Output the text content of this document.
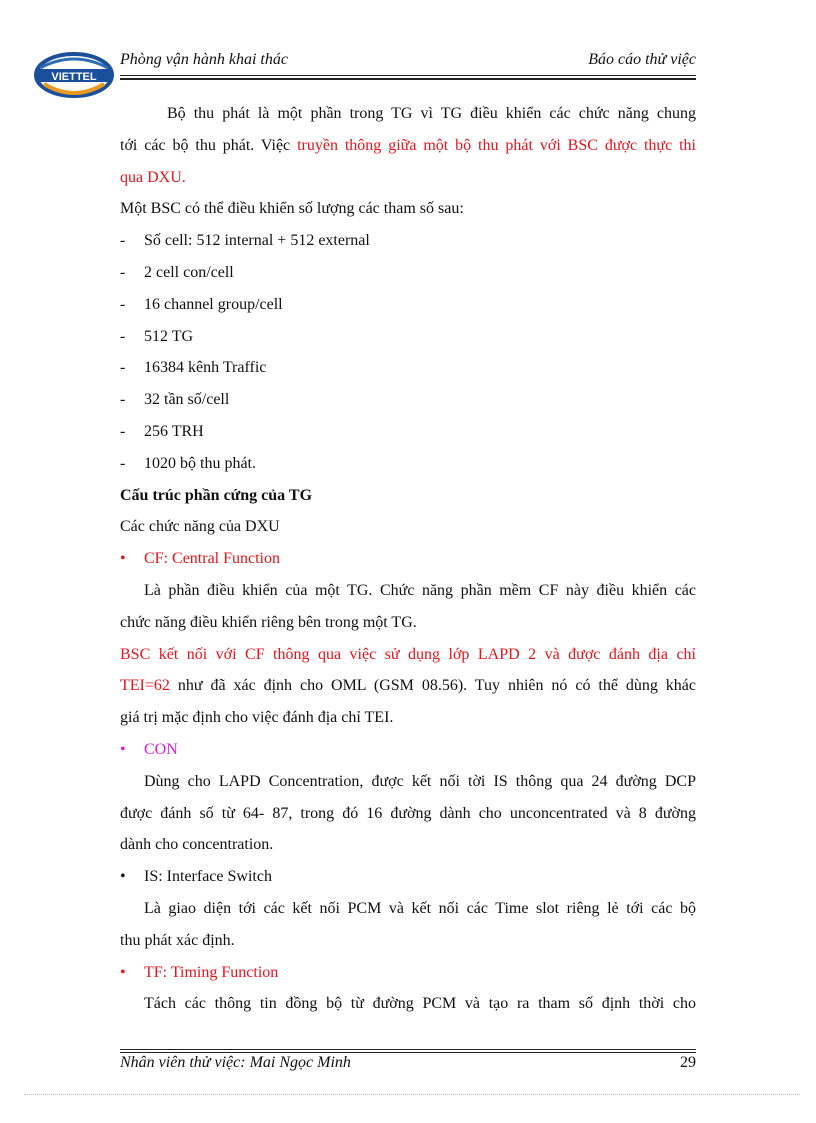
VIETTEL
Phòng vận hành khai thác	Báo cáo thử việc

Bộ thu phát là một phần trong TG vì TG điều khiển các chức năng chung

tới các bộ thu phát. Việc truyền thông giữa một bộ thu phát với BSC được thực thi

qua DXU.

Một BSC có thể điều khiển số lượng các tham số sau:

- Số cell: 512 internal + 512 external

- 2 cell con/cell

- 16 channel group/cell

- 512 TG

- 16384 kênh Traffic

- 32 tần số/cell

- 256 TRH

- 1020 bộ thu phát.

Cấu trúc phần cứng của TG

Các chức năng của DXU

•	CF: Central Function

Là phần điều khiển của một TG. Chức năng phần mềm CF này điều khiển các

chức năng điều khiển riêng bên trong một TG.

BSC kết nối với CF thông qua việc sử dụng lớp LAPD 2 và được đánh địa chỉ

TEI=62 như đã xác định cho OML (GSM 08.56). Tuy nhiên nó có thể dùng khác

giá trị mặc định cho việc đánh địa chỉ TEI.

•	CON

Dùng cho LAPD Concentration, được kết nối tời IS thông qua 24 đường DCP

được đánh số từ 64- 87, trong đó 16 đường dành cho unconcentrated và 8 đường

dành cho concentration.

•	IS: Interface Switch

Là giao diện tới các kết nối PCM và kết nối các Time slot riêng lẻ tới các bộ

thu phát xác định.

•	TF: Timing Function

Tách các thông tin đồng bộ từ đường PCM và tạo ra tham số định thời cho

Nhân viên thử việc: Mai Ngọc Minh	29
